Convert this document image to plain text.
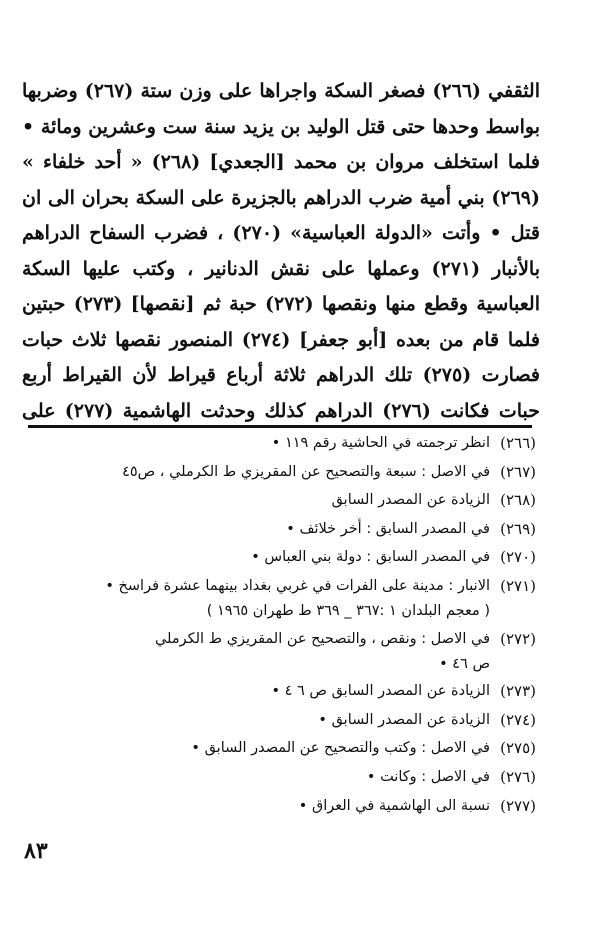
الثقفي (٢٦٦) فصغر السكة واجراها على وزن ستة (٢٦٧) وضربها
بواسط وحدها حتى قتل الوليد بن يزيد سنة ست وعشرين ومائة •
فلما استخلف مروان بن محمد [الجعدي] (٢٦٨) « أحد خلفاء »
(٢٦٩) بني أمية ضرب الدراهم بالجزيرة على السكة بحران الى ان
قتل • وأتت «الدولة العباسية» (٢٧٠) ، فضرب السفاح الدراهم
بالأنبار (٢٧١) وعملها على نقش الدنانير ، وكتب عليها السكة
العباسية وقطع منها ونقصها (٢٧٢) حبة ثم [نقصها] (٢٧٣) حبتين
فلما قام من بعده [أبو جعفر] (٢٧٤) المنصور نقصها ثلاث حبات
فصارت (٢٧٥) تلك الدراهم ثلاثة أرباع قيراط لأن القيراط أربع
حبات فكانت (٢٧٦) الدراهم كذلك وحدثت الهاشمية (٢٧٧) على
(٢٦٦)
انظر ترجمته في الحاشية رقم ١١٩ •
(٢٦٧)
في الاصل : سبعة والتصحيح عن المقريزي ط الكرملي ، ص٤٥
(٢٦٨)
الزيادة عن المصدر السابق
(٢٦٩)
في المصدر السابق : أخر خلائف •
(٢٧٠)
في المصدر السابق : دولة بني العباس •
(٢٧١)
الانبار : مدينة على الفرات في غربي بغداد بينهما عشرة فراسخ •
( معجم البلدان ١ :٣٦٧ _ ٣٦٩ ط طهران ١٩٦٥ )
(٢٧٢)
في الاصل : ونقص ، والتصحيح عن المقريزي ط الكرملي
ص ٤٦ •
(٢٧٣)
الزيادة عن المصدر السابق ص ٦ ٤ •
(٢٧٤)
الزيادة عن المصدر السابق •
(٢٧٥)
في الاصل : وكتب والتصحيح عن المصدر السابق •
(٢٧٦)
في الاصل : وكانت •
(٢٧٧)
نسبة الى الهاشمية في العراق •
٨٣
